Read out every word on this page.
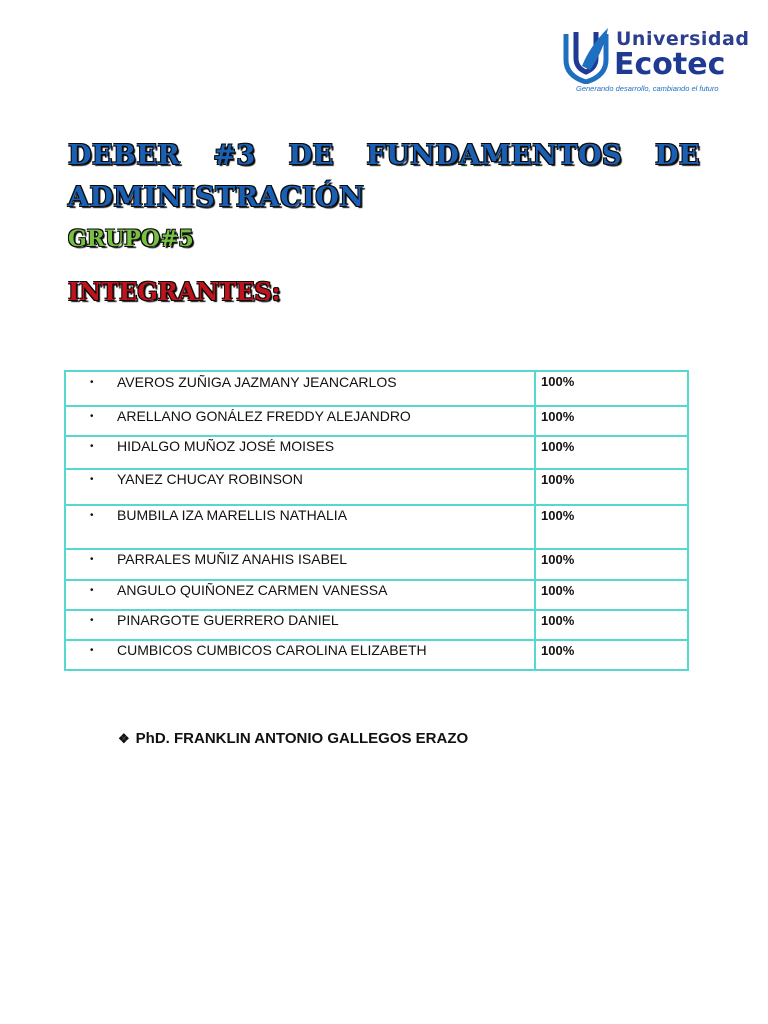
Universidad
Ecotec
Generando desarrollo, cambiando el futuro
DEBER #3 DE FUNDAMENTOS DE
ADMINISTRACIÓN
GRUPO#5
INTEGRANTES:
• AVEROS ZUÑIGA JAZMANY JEANCARLOS	100%

• ARELLANO GONÁLEZ FREDDY ALEJANDRO	100%

• HIDALGO MUÑOZ JOSÉ MOISES	100%

• YANEZ CHUCAY ROBINSON	100%

• BUMBILA IZA MARELLIS NATHALIA	100%

• PARRALES MUÑIZ ANAHIS ISABEL	100%

• ANGULO QUIÑONEZ CARMEN VANESSA	100%

• PINARGOTE GUERRERO DANIEL	100%

• CUMBICOS CUMBICOS CAROLINA ELIZABETH	100%
❖ PhD. FRANKLIN ANTONIO GALLEGOS ERAZO
